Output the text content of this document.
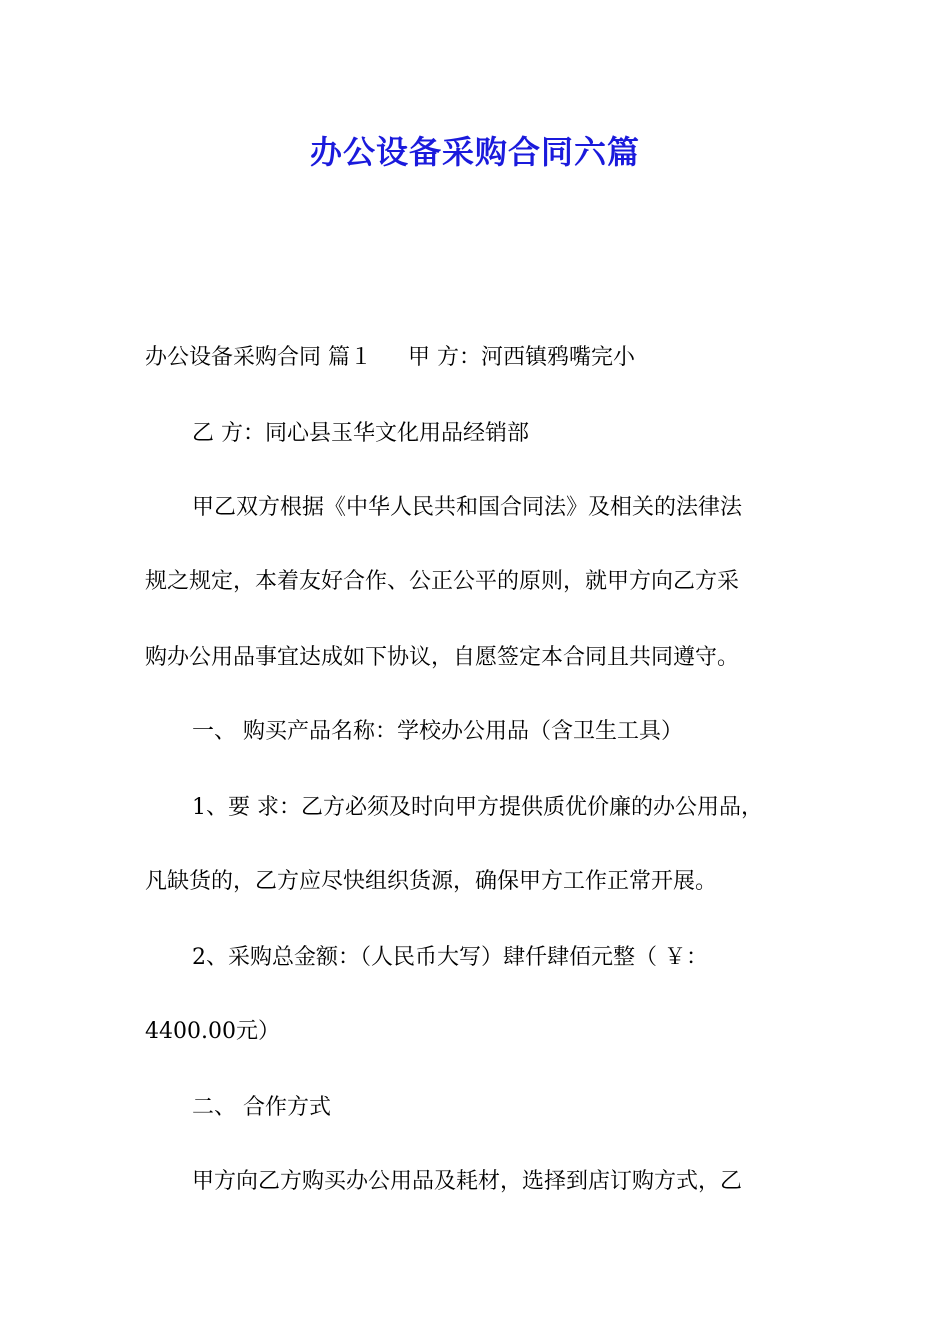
办公设备采购合同六篇
办公设备采购合同 篇１ 甲 方：河西镇鸦嘴完小
乙 方：同心县玉华文化用品经销部
甲乙双方根据《中华人民共和国合同法》及相关的法律法
规之规定，本着友好合作、公正公平的原则，就甲方向乙方采
购办公用品事宜达成如下协议，自愿签定本合同且共同遵守。
一、 购买产品名称：学校办公用品（含卫生工具）
1、要 求：乙方必须及时向甲方提供质优价廉的办公用品，
凡缺货的，乙方应尽快组织货源，确保甲方工作正常开展。
2、采购总金额：（人民币大写）肆仟肆佰元整（ ￥：
4400.00元）
二、 合作方式
甲方向乙方购买办公用品及耗材，选择到店订购方式，乙
